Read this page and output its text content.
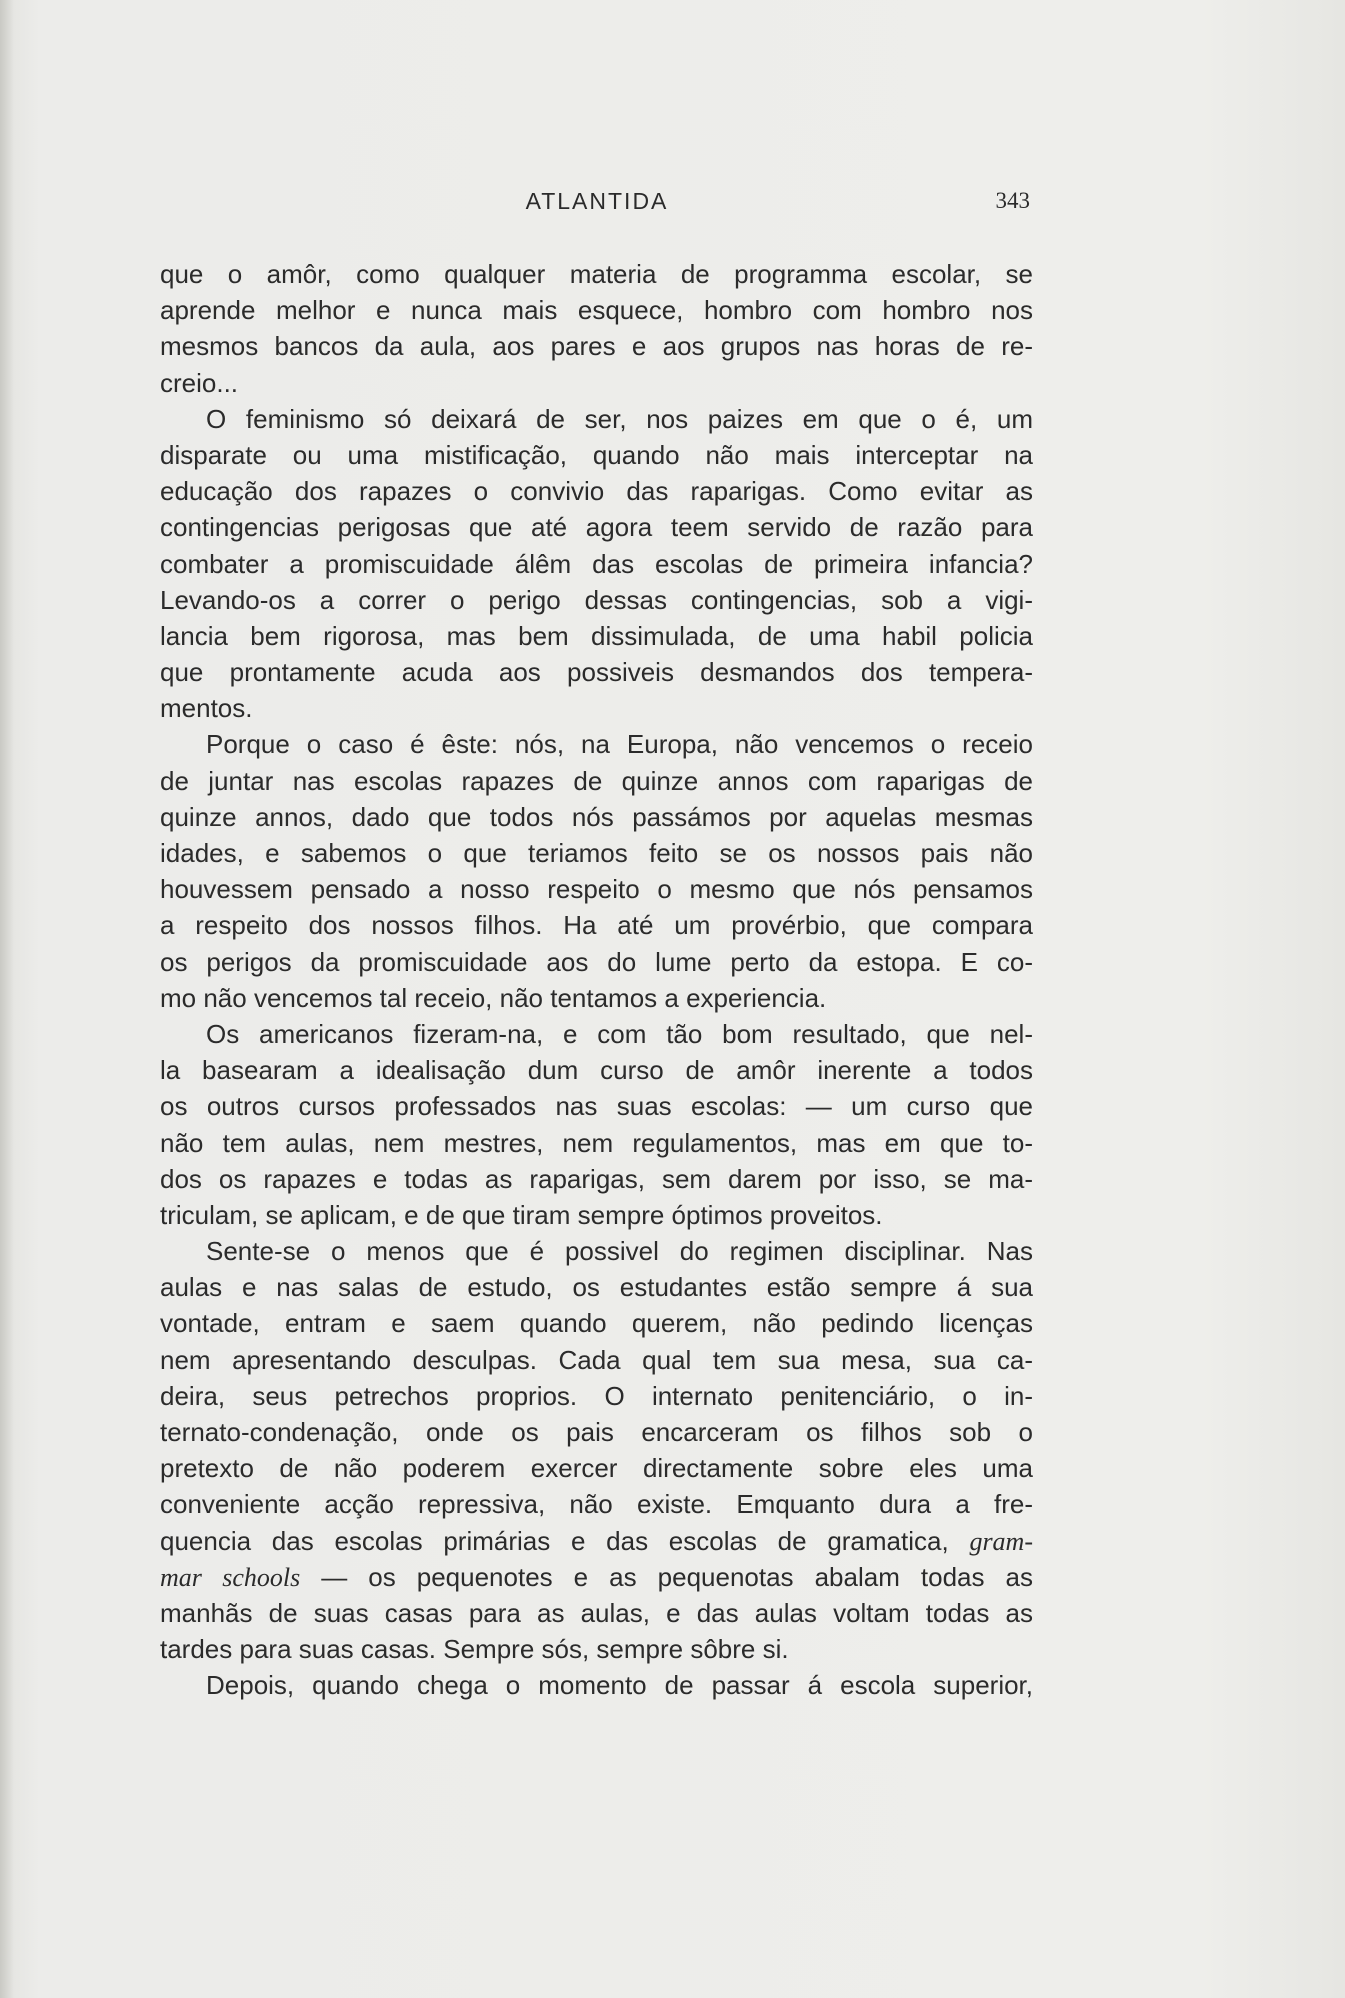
ATLANTIDA	343
que o amôr, como qualquer materia de programma escolar, se
aprende melhor e nunca mais esquece, hombro com hombro nos
mesmos bancos da aula, aos pares e aos grupos nas horas de re-
creio...
O feminismo só deixará de ser, nos paizes em que o é, um
disparate ou uma mistificação, quando não mais interceptar na
educação dos rapazes o convivio das raparigas. Como evitar as
contingencias perigosas que até agora teem servido de razão para
combater a promiscuidade álêm das escolas de primeira infancia?
Levando-os a correr o perigo dessas contingencias, sob a vigi-
lancia bem rigorosa, mas bem dissimulada, de uma habil policia
que prontamente acuda aos possiveis desmandos dos tempera-
mentos.
Porque o caso é êste: nós, na Europa, não vencemos o receio
de juntar nas escolas rapazes de quinze annos com raparigas de
quinze annos, dado que todos nós passámos por aquelas mesmas
idades, e sabemos o que teriamos feito se os nossos pais não
houvessem pensado a nosso respeito o mesmo que nós pensamos
a respeito dos nossos filhos. Ha até um provérbio, que compara
os perigos da promiscuidade aos do lume perto da estopa. E co-
mo não vencemos tal receio, não tentamos a experiencia.
Os americanos fizeram-na, e com tão bom resultado, que nel-
la basearam a idealisação dum curso de amôr inerente a todos
os outros cursos professados nas suas escolas: — um curso que
não tem aulas, nem mestres, nem regulamentos, mas em que to-
dos os rapazes e todas as raparigas, sem darem por isso, se ma-
triculam, se aplicam, e de que tiram sempre óptimos proveitos.
Sente-se o menos que é possivel do regimen disciplinar. Nas
aulas e nas salas de estudo, os estudantes estão sempre á sua
vontade, entram e saem quando querem, não pedindo licenças
nem apresentando desculpas. Cada qual tem sua mesa, sua ca-
deira, seus petrechos proprios. O internato penitenciário, o in-
ternato-condenação, onde os pais encarceram os filhos sob o
pretexto de não poderem exercer directamente sobre eles uma
conveniente acção repressiva, não existe. Emquanto dura a fre-
quencia das escolas primárias e das escolas de gramatica, gram-
mar schools — os pequenotes e as pequenotas abalam todas as
manhãs de suas casas para as aulas, e das aulas voltam todas as
tardes para suas casas. Sempre sós, sempre sôbre si.
Depois, quando chega o momento de passar á escola superior,
